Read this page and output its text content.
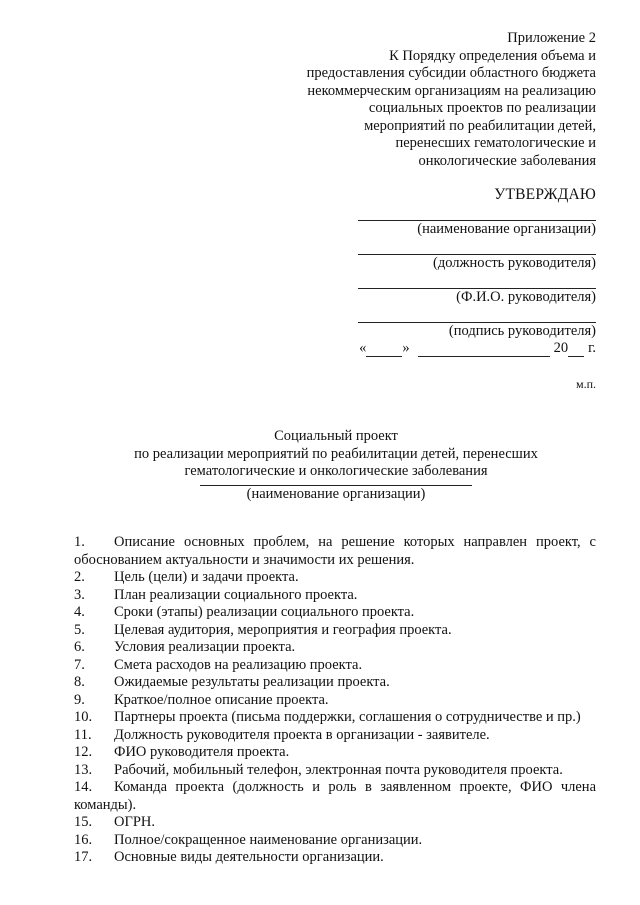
Приложение 2
К Порядку определения объема и
предоставления субсидии областного бюджета
некоммерческим организациям на реализацию
социальных проектов по реализации
мероприятий по реабилитации детей,
перенесших гематологические и
онкологические заболевания
УТВЕРЖДАЮ
(наименование организации)
(должность руководителя)
(Ф.И.О. руководителя)
(подпись руководителя)
« »	20 г.
м.п.
Социальный проект
по реализации мероприятий по реабилитации детей, перенесших
гематологические и онкологические заболевания
(наименование организации)
1.	Описание основных проблем, на решение которых направлен проект, с обоснованием актуальности и значимости их решения.
2.	Цель (цели) и задачи проекта.
3.	План реализации социального проекта.
4.	Сроки (этапы) реализации социального проекта.
5.	Целевая аудитория, мероприятия и география проекта.
6.	Условия реализации проекта.
7.	Смета расходов на реализацию проекта.
8.	Ожидаемые результаты реализации проекта.
9.	Краткое/полное описание проекта.
10.	Партнеры проекта (письма поддержки, соглашения о сотрудничестве и пр.)
11.	Должность руководителя проекта в организации - заявителе.
12.	ФИО руководителя проекта.
13.	Рабочий, мобильный телефон, электронная почта руководителя проекта.
14.	Команда проекта (должность и роль в заявленном проекте, ФИО члена команды).
15.	ОГРН.
16.	Полное/сокращенное наименование организации.
17.	Основные виды деятельности организации.
